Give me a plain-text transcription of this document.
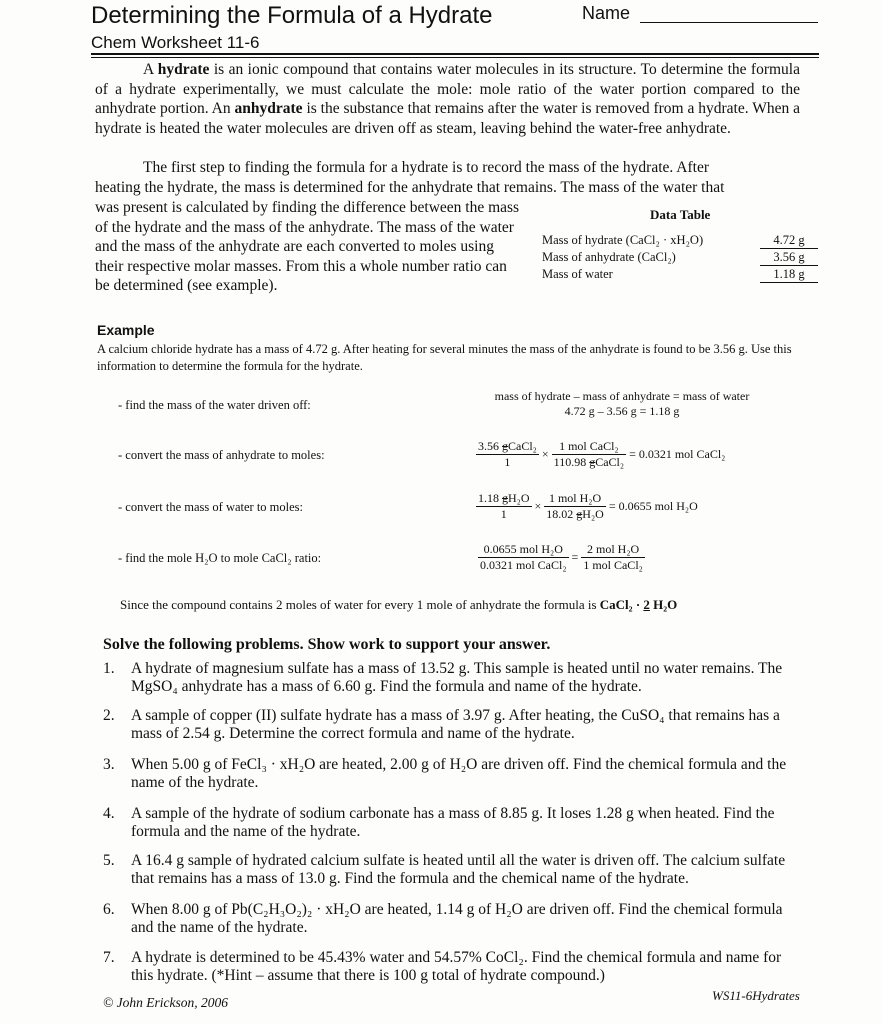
Determining the Formula of a Hydrate
Chem Worksheet 11-6
Name

A hydrate is an ionic compound that contains water molecules in its structure. To determine the formula of a hydrate experimentally, we must calculate the mole: mole ratio of the water portion compared to the anhydrate portion. An anhydrate is the substance that remains after the water is removed from a hydrate. When a hydrate is heated the water molecules are driven off as steam, leaving behind the water-free anhydrate.

The first step to finding the formula for a hydrate is to record the mass of the hydrate. After
heating the hydrate, the mass is determined for the anhydrate that remains. The mass of the water that
was present is calculated by finding the difference between the mass of the hydrate and the mass of the anhydrate. The mass of the water and the mass of the anhydrate are each converted to moles using their respective molar masses. From this a whole number ratio can be determined (see example).
Data Table
Mass of hydrate (CaCl₂ · xH₂O)	4.72 g
Mass of anhydrate (CaCl₂)	3.56 g
Mass of water	1.18 g
Example
A calcium chloride hydrate has a mass of 4.72 g. After heating for several minutes the mass of the anhydrate is found to be 3.56 g. Use this information to determine the formula for the hydrate.
- find the mass of the water driven off:
mass of hydrate – mass of anhydrate = mass of water
4.72 g – 3.56 g = 1.18 g
- convert the mass of anhydrate to moles:	$\frac{\text{3.56 gCaCl₂}}{1} \times \frac{\text{1 mol CaCl₂}}{\text{110.98 gCaCl₂}} = 0.0321$ mol CaCl₂
- convert the mass of water to moles:	$\frac{\text{1.18 gH₂O}}{1} \times \frac{\text{1 mol H₂O}}{\text{18.02 gH₂O}} = 0.0655$ mol H₂O
- find the mole H₂O to mole CaCl₂ ratio:	$\frac{\text{0.0655 mol H₂O}}{\text{0.0321 mol CaCl₂}} = \frac{\text{2 mol H₂O}}{\text{1 mol CaCl₂}}$
Since the compound contains 2 moles of water for every 1 mole of anhydrate the formula is CaCl₂ · 2 H₂O
Solve the following problems. Show work to support your answer.
1. A hydrate of magnesium sulfate has a mass of 13.52 g. This sample is heated until no water remains. The MgSO₄ anhydrate has a mass of 6.60 g. Find the formula and name of the hydrate.
2. A sample of copper (II) sulfate hydrate has a mass of 3.97 g. After heating, the CuSO₄ that remains has a mass of 2.54 g. Determine the correct formula and name of the hydrate.
3. When 5.00 g of FeCl₃ · xH₂O are heated, 2.00 g of H₂O are driven off. Find the chemical formula and the name of the hydrate.
4. A sample of the hydrate of sodium carbonate has a mass of 8.85 g. It loses 1.28 g when heated. Find the formula and the name of the hydrate.
5. A 16.4 g sample of hydrated calcium sulfate is heated until all the water is driven off. The calcium sulfate that remains has a mass of 13.0 g. Find the formula and the chemical name of the hydrate.
6. When 8.00 g of Pb(C₂H₃O₂)₂ · xH₂O are heated, 1.14 g of H₂O are driven off. Find the chemical formula and the name of the hydrate.
7. A hydrate is determined to be 45.43% water and 54.57% CoCl₂. Find the chemical formula and name for this hydrate. (*Hint – assume that there is 100 g total of hydrate compound.)
© John Erickson, 2006	WS11-6Hydrates
